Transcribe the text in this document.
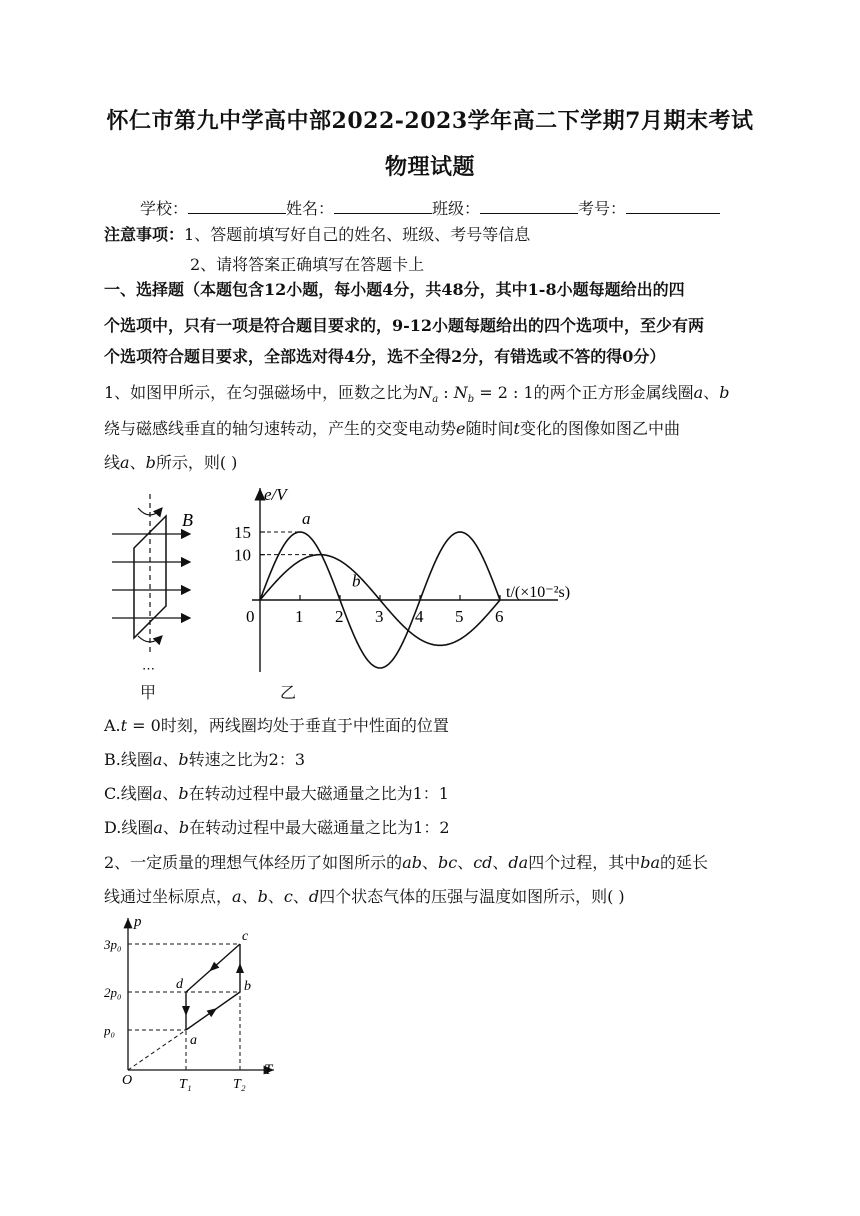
怀仁市第九中学高中部2022-2023学年高二下学期7月期末考试
物理试题
学校：	姓名：	班级：	考号：
注意事项：1、答题前填写好自己的姓名、班级、考号等信息
2、请将答案正确填写在答题卡上
一、选择题（本题包含12小题，每小题4分，共48分，其中1-8小题每题给出的四
个选项中，只有一项是符合题目要求的，9-12小题每题给出的四个选项中，至少有两
个选项符合题目要求，全部选对得4分，选不全得2分，有错选或不答的得0分）
1、如图甲所示，在匀强磁场中，匝数之比为$N_a$ : $N_b = 2$ : 1的两个正方形金属线圈a、b
绕与磁感线垂直的轴匀速转动，产生的交变电动势e随时间t变化的图像如图乙中曲
线a、b所示，则( )
B
⋯
甲
e/V
t/(×10⁻²s)
0 1 2 3 4 5 6
15
10
a
b
乙
A.t = 0时刻，两线圈均处于垂直于中性面的位置
B.线圈a、b转速之比为2：3
C.线圈a、b在转动过程中最大磁通量之比为1：1
D.线圈a、b在转动过程中最大磁通量之比为1：2
2、一定质量的理想气体经历了如图所示的ab、bc、cd、da四个过程，其中ba的延长
线通过坐标原点，a、b、c、d四个状态气体的压强与温度如图所示，则( )
p
T
O
3p₀
2p₀
p₀
T₁	T₂
a
b
c
d
